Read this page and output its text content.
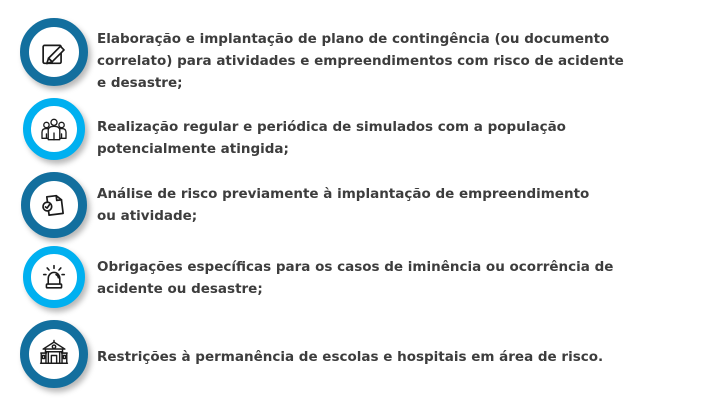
Elaboração e implantação de plano de contingência (ou documento
correlato) para atividades e empreendimentos com risco de acidente
e desastre;
Realização regular e periódica de simulados com a população
potencialmente atingida;
Análise de risco previamente à implantação de empreendimento
ou atividade;
Obrigações específicas para os casos de iminência ou ocorrência de
acidente ou desastre;
Restrições à permanência de escolas e hospitais em área de risco.
